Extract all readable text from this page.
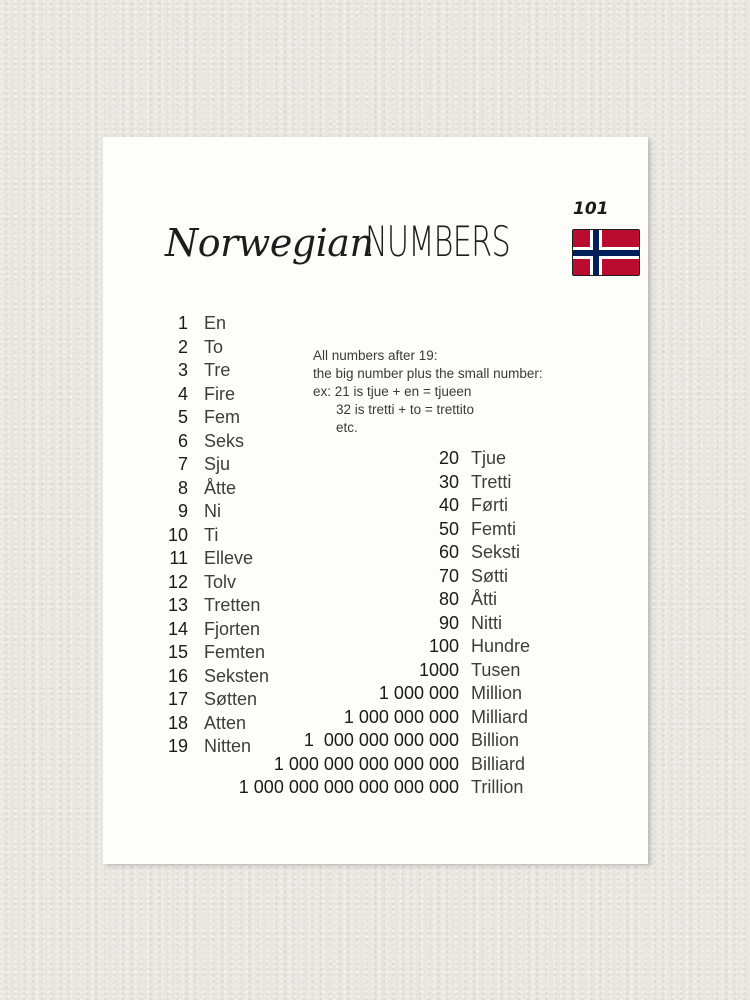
Norwegian
NUMBERS
101
All numbers after 19:
the big number plus the small number:
ex: 21 is tjue + en = tjueen
32 is tretti + to = trettito
etc.
1 En
2 To
3 Tre
4 Fire
5 Fem
6 Seks
7 Sju
8 Åtte
9 Ni
10 Ti
11 Elleve
12 Tolv
13 Tretten
14 Fjorten
15 Femten
16 Seksten
17 Søtten
18 Atten
19 Nitten
20 Tjue
30 Tretti
40 Førti
50 Femti
60 Seksti
70 Søtti
80 Åtti
90 Nitti
100 Hundre
1000 Tusen
1 000 000 Million
1 000 000 000 Milliard
1  000 000 000 000 Billion
1 000 000 000 000 000 Billiard
1 000 000 000 000 000 000 Trillion
